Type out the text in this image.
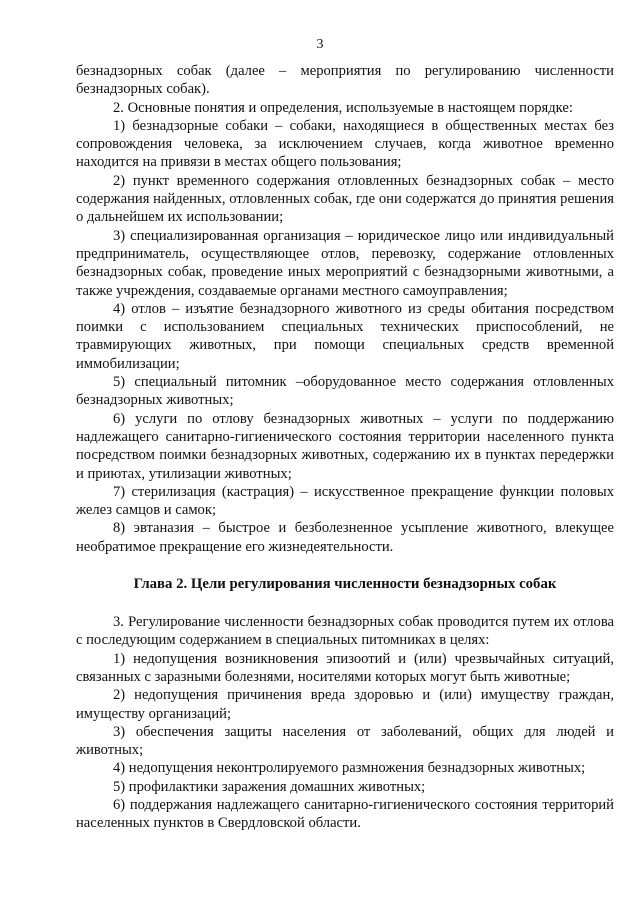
3

безнадзорных собак (далее – мероприятия по регулированию численности безнадзорных собак).

2. Основные понятия и определения, используемые в настоящем порядке:

1) безнадзорные собаки – собаки, находящиеся в общественных местах без сопровождения человека, за исключением случаев, когда животное временно находится на привязи в местах общего пользования;

2) пункт временного содержания отловленных безнадзорных собак – место содержания найденных, отловленных собак, где они содержатся до принятия решения о дальнейшем их использовании;

3) специализированная организация – юридическое лицо или индивидуальный предприниматель, осуществляющее отлов, перевозку, содержание отловленных безнадзорных собак, проведение иных мероприятий с безнадзорными животными, а также учреждения, создаваемые органами местного самоуправления;

4) отлов – изъятие безнадзорного животного из среды обитания посредством поимки с использованием специальных технических приспособлений, не травмирующих животных, при помощи специальных средств временной иммобилизации;

5) специальный питомник –оборудованное место содержания отловленных безнадзорных животных;

6) услуги по отлову безнадзорных животных – услуги по поддержанию надлежащего санитарно-гигиенического состояния территории населенного пункта посредством поимки безнадзорных животных, содержанию их в пунктах передержки и приютах, утилизации животных;

7) стерилизация (кастрация) – искусственное прекращение функции половых желез самцов и самок;

8) эвтаназия – быстрое и безболезненное усыпление животного, влекущее необратимое прекращение его жизнедеятельности.

Глава 2. Цели регулирования численности безнадзорных собак

3. Регулирование численности безнадзорных собак проводится путем их отлова с последующим содержанием в специальных питомниках в целях:

1) недопущения возникновения эпизоотий и (или) чрезвычайных ситуаций, связанных с заразными болезнями, носителями которых могут быть животные;

2) недопущения причинения вреда здоровью и (или) имуществу граждан, имуществу организаций;

3) обеспечения защиты населения от заболеваний, общих для людей и животных;

4) недопущения неконтролируемого размножения безнадзорных животных;

5) профилактики заражения домашних животных;

6) поддержания надлежащего санитарно-гигиенического состояния территорий населенных пунктов в Свердловской области.
